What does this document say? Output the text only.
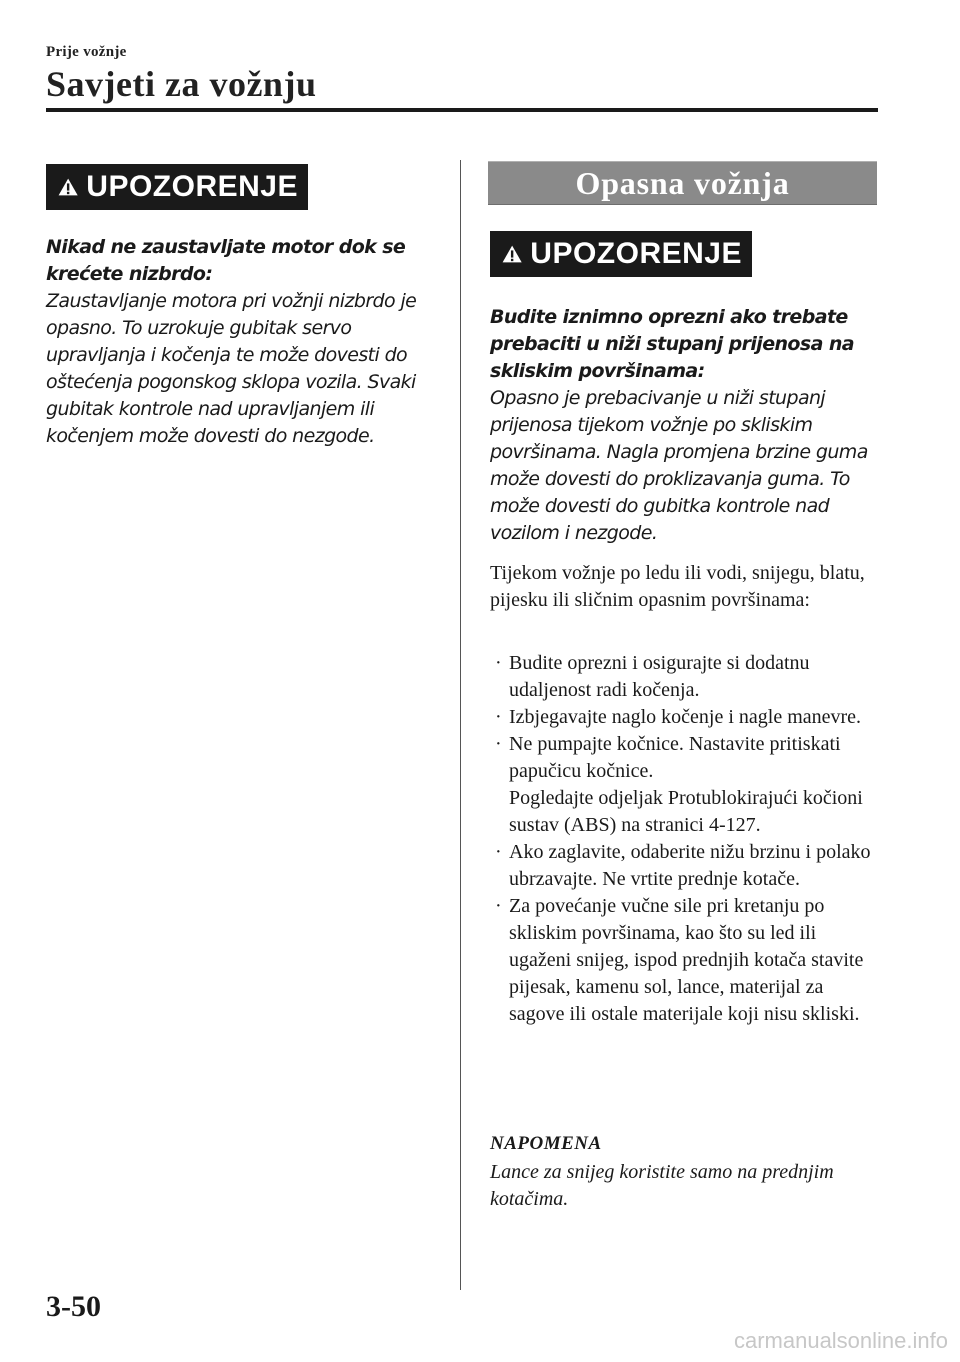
Prije vožnje
Savjeti za vožnju
UPOZORENJE
Nikad ne zaustavljate motor dok se krećete nizbrdo:
Zaustavljanje motora pri vožnji nizbrdo je opasno. To uzrokuje gubitak servo upravljanja i kočenja te može dovesti do oštećenja pogonskog sklopa vozila. Svaki gubitak kontrole nad upravljanjem ili kočenjem može dovesti do nezgode.
Opasna vožnja
UPOZORENJE
Budite iznimno oprezni ako trebate prebaciti u niži stupanj prijenosa na skliskim površinama:
Opasno je prebacivanje u niži stupanj prijenosa tijekom vožnje po skliskim površinama. Nagla promjena brzine guma može dovesti do proklizavanja guma. To može dovesti do gubitka kontrole nad vozilom i nezgode.
Tijekom vožnje po ledu ili vodi, snijegu, blatu, pijesku ili sličnim opasnim površinama:
· Budite oprezni i osigurajte si dodatnu udaljenost radi kočenja.
· Izbjegavajte naglo kočenje i nagle manevre.
· Ne pumpajte kočnice. Nastavite pritiskati papučicu kočnice.
Pogledajte odjeljak Protublokirajući kočioni sustav (ABS) na stranici 4-127.
· Ako zaglavite, odaberite nižu brzinu i polako ubrzavajte. Ne vrtite prednje kotače.
· Za povećanje vučne sile pri kretanju po skliskim površinama, kao što su led ili ugaženi snijeg, ispod prednjih kotača stavite pijesak, kamenu sol, lance, materijal za sagove ili ostale materijale koji nisu skliski.
NAPOMENA
Lance za snijeg koristite samo na prednjim kotačima.
3-50
carmanualsonline.info
